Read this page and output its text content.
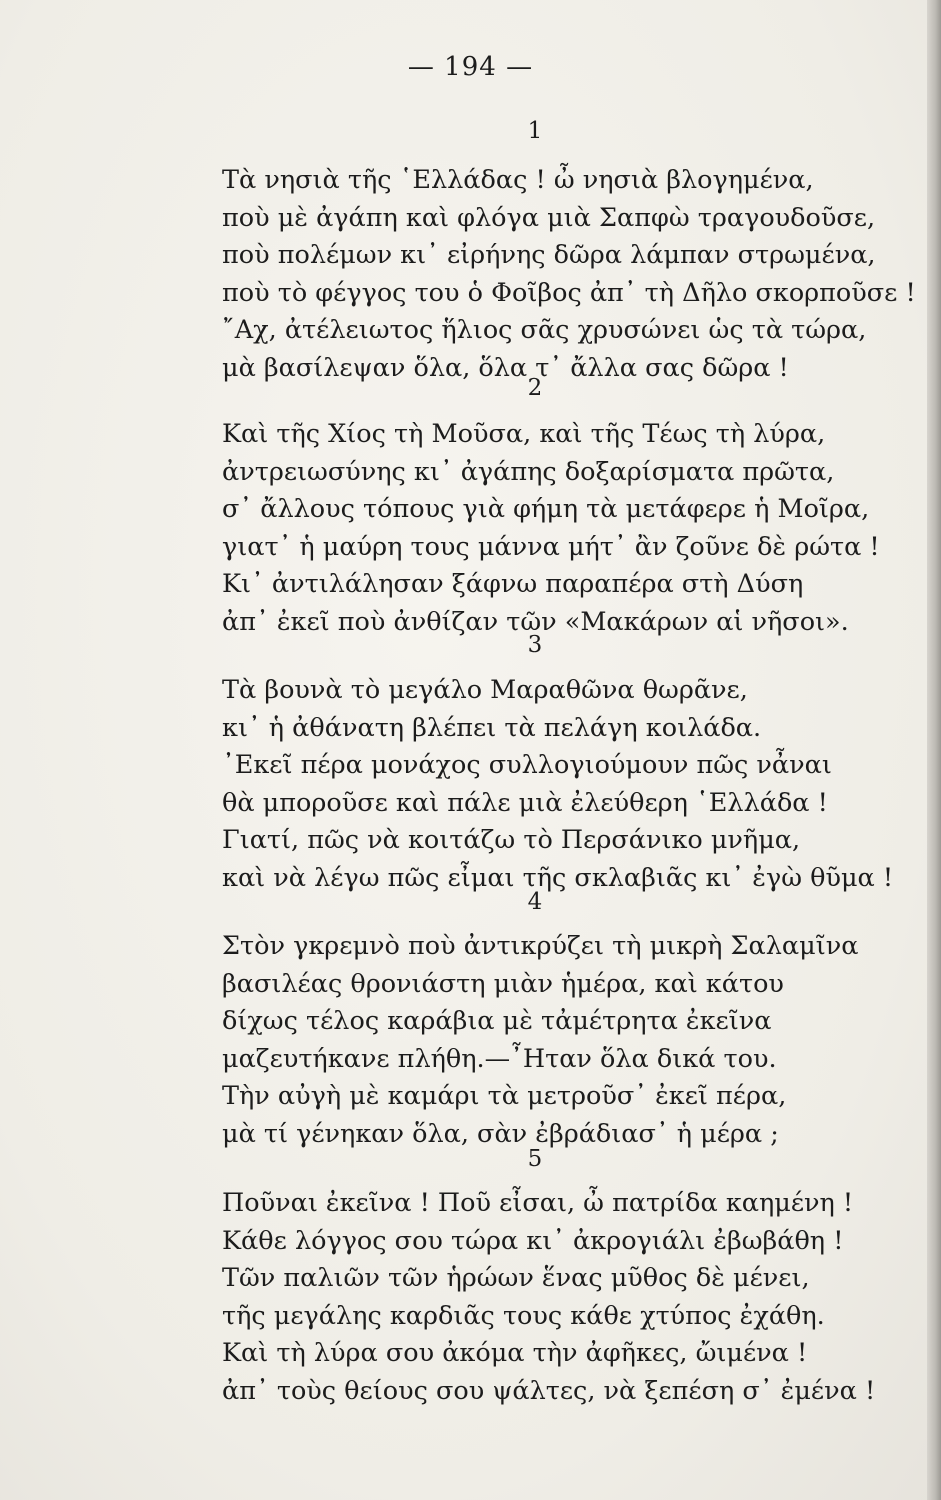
— 194 —
1
Τὰ νησιὰ τῆς ῾Ελλάδας ! ὦ νησιὰ βλογημένα,
ποὺ μὲ ἀγάπη καὶ φλόγα μιὰ Σαπφὼ τραγουδοῦσε,
ποὺ πολέμων κι᾿ εἰρήνης δῶρα λάμπαν στρωμένα,
ποὺ τὸ φέγγος του ὁ Φοῖβος ἀπ᾿ τὴ Δῆλο σκορποῦσε !
῎Αχ, ἀτέλειωτος ἥλιος σᾶς χρυσώνει ὡς τὰ τώρα,
μὰ βασίλεψαν ὅλα, ὅλα τ᾿ ἄλλα σας δῶρα !
2
Καὶ τῆς Χίος τὴ Μοῦσα, καὶ τῆς Τέως τὴ λύρα,
ἀντρειωσύνης κι᾿ ἀγάπης δοξαρίσματα πρῶτα,
σ᾿ ἄλλους τόπους γιὰ φήμη τὰ μετάφερε ἡ Μοῖρα,
γιατ᾿ ἡ μαύρη τους μάννα μήτ᾿ ἂν ζοῦνε δὲ ρώτα !
Κι᾿ ἀντιλάλησαν ξάφνω παραπέρα στὴ Δύση
ἀπ᾿ ἐκεῖ ποὺ ἀνθίζαν τῶν «Μακάρων αἱ νῆσοι».
3
Τὰ βουνὰ τὸ μεγάλο Μαραθῶνα θωρᾶνε,
κι᾿ ἡ ἀθάνατη βλέπει τὰ πελάγη κοιλάδα.
᾿Εκεῖ πέρα μονάχος συλλογιούμουν πῶς νἆναι
θὰ μποροῦσε καὶ πάλε μιὰ ἐλεύθερη ῾Ελλάδα !
Γιατί, πῶς νὰ κοιτάζω τὸ Περσάνικο μνῆμα,
καὶ νὰ λέγω πῶς εἶμαι τῆς σκλαβιᾶς κι᾿ ἐγὼ θῦμα !
4
Στὸν γκρεμνὸ ποὺ ἀντικρύζει τὴ μικρὴ Σαλαμῖνα
βασιλέας θρονιάστη μιὰν ἡμέρα, καὶ κάτου
δίχως τέλος καράβια μὲ τἀμέτρητα ἐκεῖνα
μαζευτήκανε πλήθη.—῏Ηταν ὅλα δικά του.
Τὴν αὐγὴ μὲ καμάρι τὰ μετροῦσ᾿ ἐκεῖ πέρα,
μὰ τί γένηκαν ὅλα, σὰν ἐβράδιασ᾿ ἡ μέρα ;
5
Ποῦναι ἐκεῖνα ! Ποῦ εἶσαι, ὦ πατρίδα καημένη !
Κάθε λόγγος σου τώρα κι᾿ ἀκρογιάλι ἐβωβάθη !
Τῶν παλιῶν τῶν ἡρώων ἕνας μῦθος δὲ μένει,
τῆς μεγάλης καρδιᾶς τους κάθε χτύπος ἐχάθη.
Καὶ τὴ λύρα σου ἀκόμα τὴν ἀφῆκες, ὤιμένα !
ἀπ᾿ τοὺς θείους σου ψάλτες, νὰ ξεπέση σ᾿ ἐμένα !
